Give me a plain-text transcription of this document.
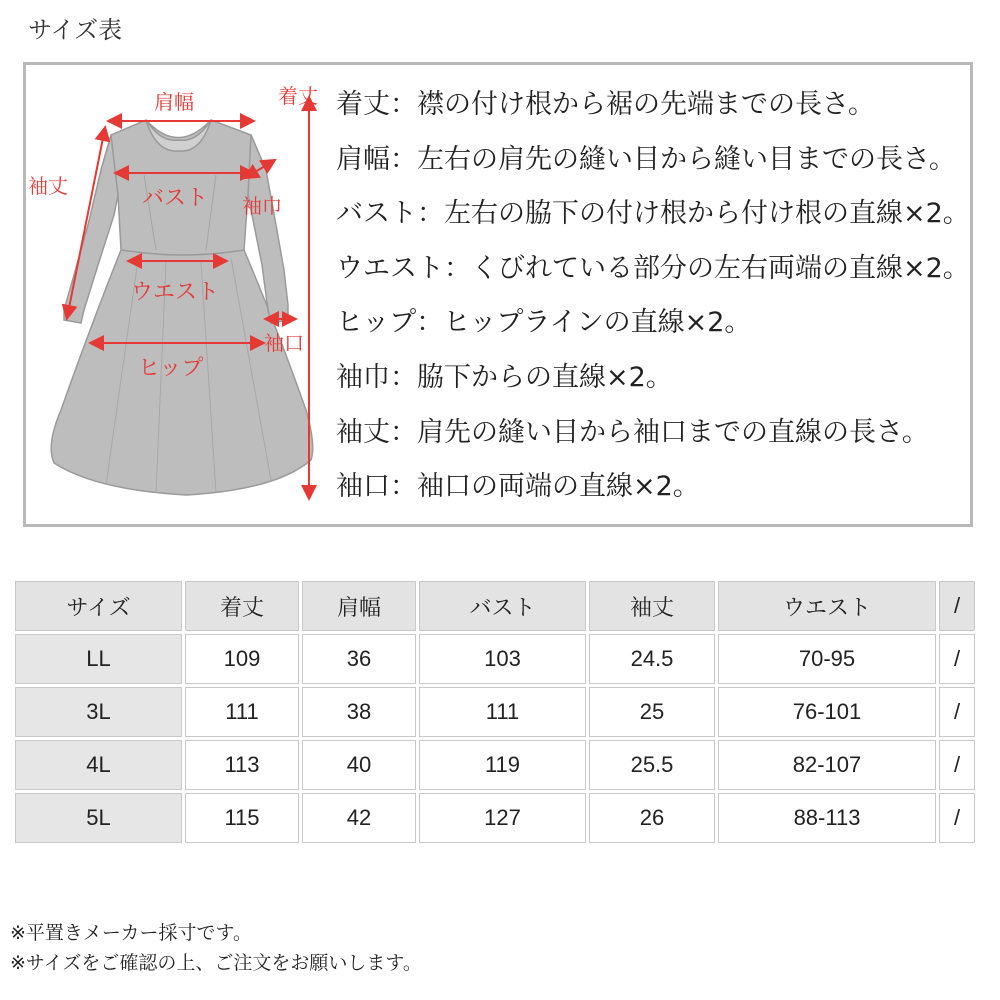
サイズ表
肩幅	着丈
袖丈	バスト 袖巾
ウエスト
袖口
ヒップ
着丈：襟の付け根から裾の先端までの長さ。
肩幅：左右の肩先の縫い目から縫い目までの長さ。
バスト：左右の脇下の付け根から付け根の直線×2。
ウエスト：くびれている部分の左右両端の直線×2。
ヒップ：ヒップラインの直線×2。
袖巾：脇下からの直線×2。
袖丈：肩先の縫い目から袖口までの直線の長さ。
袖口：袖口の両端の直線×2。
サイズ	着丈	肩幅	バスト	袖丈	ウエスト	/
LL	109	36	103	24.5	70-95	/
3L	111	38	111	25	76-101	/
4L	113	40	119	25.5	82-107	/
5L	115	42	127	26	88-113	/
※平置きメーカー採寸です。
※サイズをご確認の上、ご注文をお願いします。
